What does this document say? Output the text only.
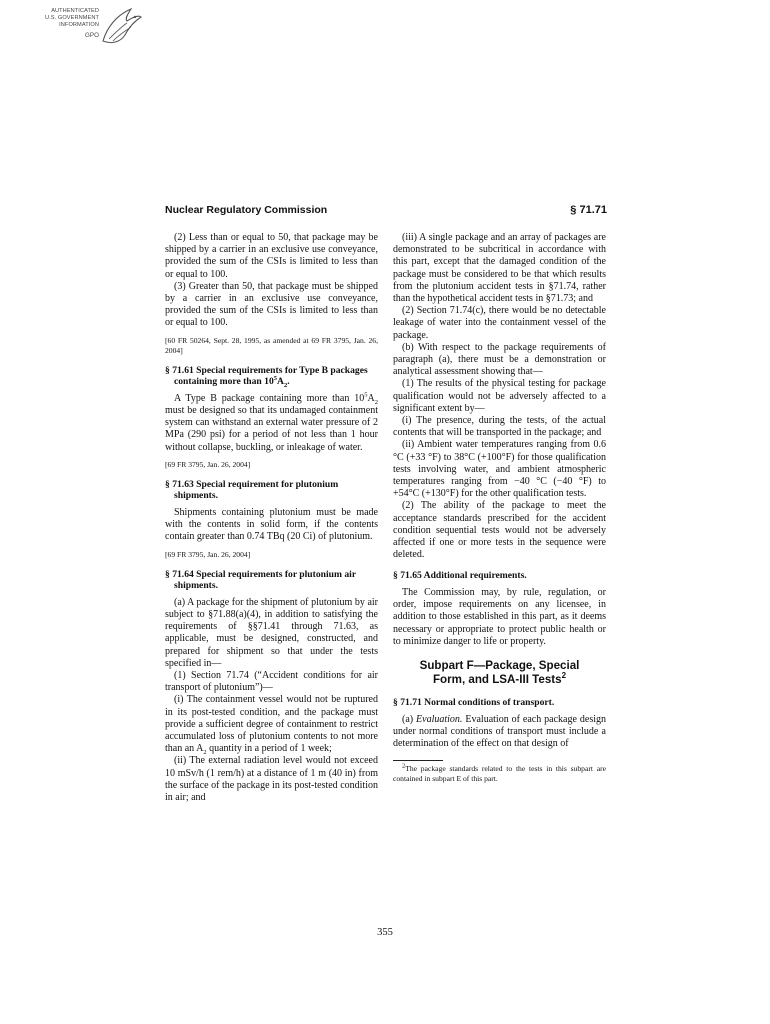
AUTHENTICATED
U.S. GOVERNMENT
INFORMATION
GPO
Nuclear Regulatory Commission	§ 71.71

(2) Less than or equal to 50, that package may be shipped by a carrier in an exclusive use conveyance, provided the sum of the CSIs is limited to less than or equal to 100.

(3) Greater than 50, that package must be shipped by a carrier in an exclusive use conveyance, provided the sum of the CSIs is limited to less than or equal to 100.

[60 FR 50264, Sept. 28, 1995, as amended at 69 FR 3795, Jan. 26, 2004]

§ 71.61 Special requirements for Type B packages containing more than $10^5A_2$.

A Type B package containing more than $10^5A_2$ must be designed so that its undamaged containment system can withstand an external water pressure of 2 MPa (290 psi) for a period of not less than 1 hour without collapse, buckling, or inleakage of water.

[69 FR 3795, Jan. 26, 2004]

§ 71.63 Special requirement for plutonium shipments.

Shipments containing plutonium must be made with the contents in solid form, if the contents contain greater than 0.74 TBq (20 Ci) of plutonium.

[69 FR 3795, Jan. 26, 2004]

§ 71.64 Special requirements for plutonium air shipments.

(a) A package for the shipment of plutonium by air subject to §71.88(a)(4), in addition to satisfying the requirements of §§71.41 through 71.63, as applicable, must be designed, constructed, and prepared for shipment so that under the tests specified in—

(1) Section 71.74 (“Accident conditions for air transport of plutonium”)—

(i) The containment vessel would not be ruptured in its post-tested condition, and the package must provide a sufficient degree of containment to restrict accumulated loss of plutonium contents to not more than an $A_2$ quantity in a period of 1 week;

(ii) The external radiation level would not exceed 10 mSv/h (1 rem/h) at a distance of 1 m (40 in) from the surface of the package in its post-tested condition in air; and

(iii) A single package and an array of packages are demonstrated to be subcritical in accordance with this part, except that the damaged condition of the package must be considered to be that which results from the plutonium accident tests in §71.74, rather than the hypothetical accident tests in §71.73; and

(2) Section 71.74(c), there would be no detectable leakage of water into the containment vessel of the package.

(b) With respect to the package requirements of paragraph (a), there must be a demonstration or analytical assessment showing that—

(1) The results of the physical testing for package qualification would not be adversely affected to a significant extent by—

(i) The presence, during the tests, of the actual contents that will be transported in the package; and

(ii) Ambient water temperatures ranging from 0.6 °C (+33 °F) to 38°C (+100°F) for those qualification tests involving water, and ambient atmospheric temperatures ranging from −40 °C (−40 °F) to +54°C (+130°F) for the other qualification tests.

(2) The ability of the package to meet the acceptance standards prescribed for the accident condition sequential tests would not be adversely affected if one or more tests in the sequence were deleted.

§ 71.65 Additional requirements.

The Commission may, by rule, regulation, or order, impose requirements on any licensee, in addition to those established in this part, as it deems necessary or appropriate to protect public health or to minimize danger to life or property.

Subpart F—Package, Special
Form, and LSA-III Tests$^2$
§ 71.71 Normal conditions of transport.

(a) Evaluation. Evaluation of each package design under normal conditions of transport must include a determination of the effect on that design of

$^2$The package standards related to the tests in this subpart are contained in subpart E of this part.

355
